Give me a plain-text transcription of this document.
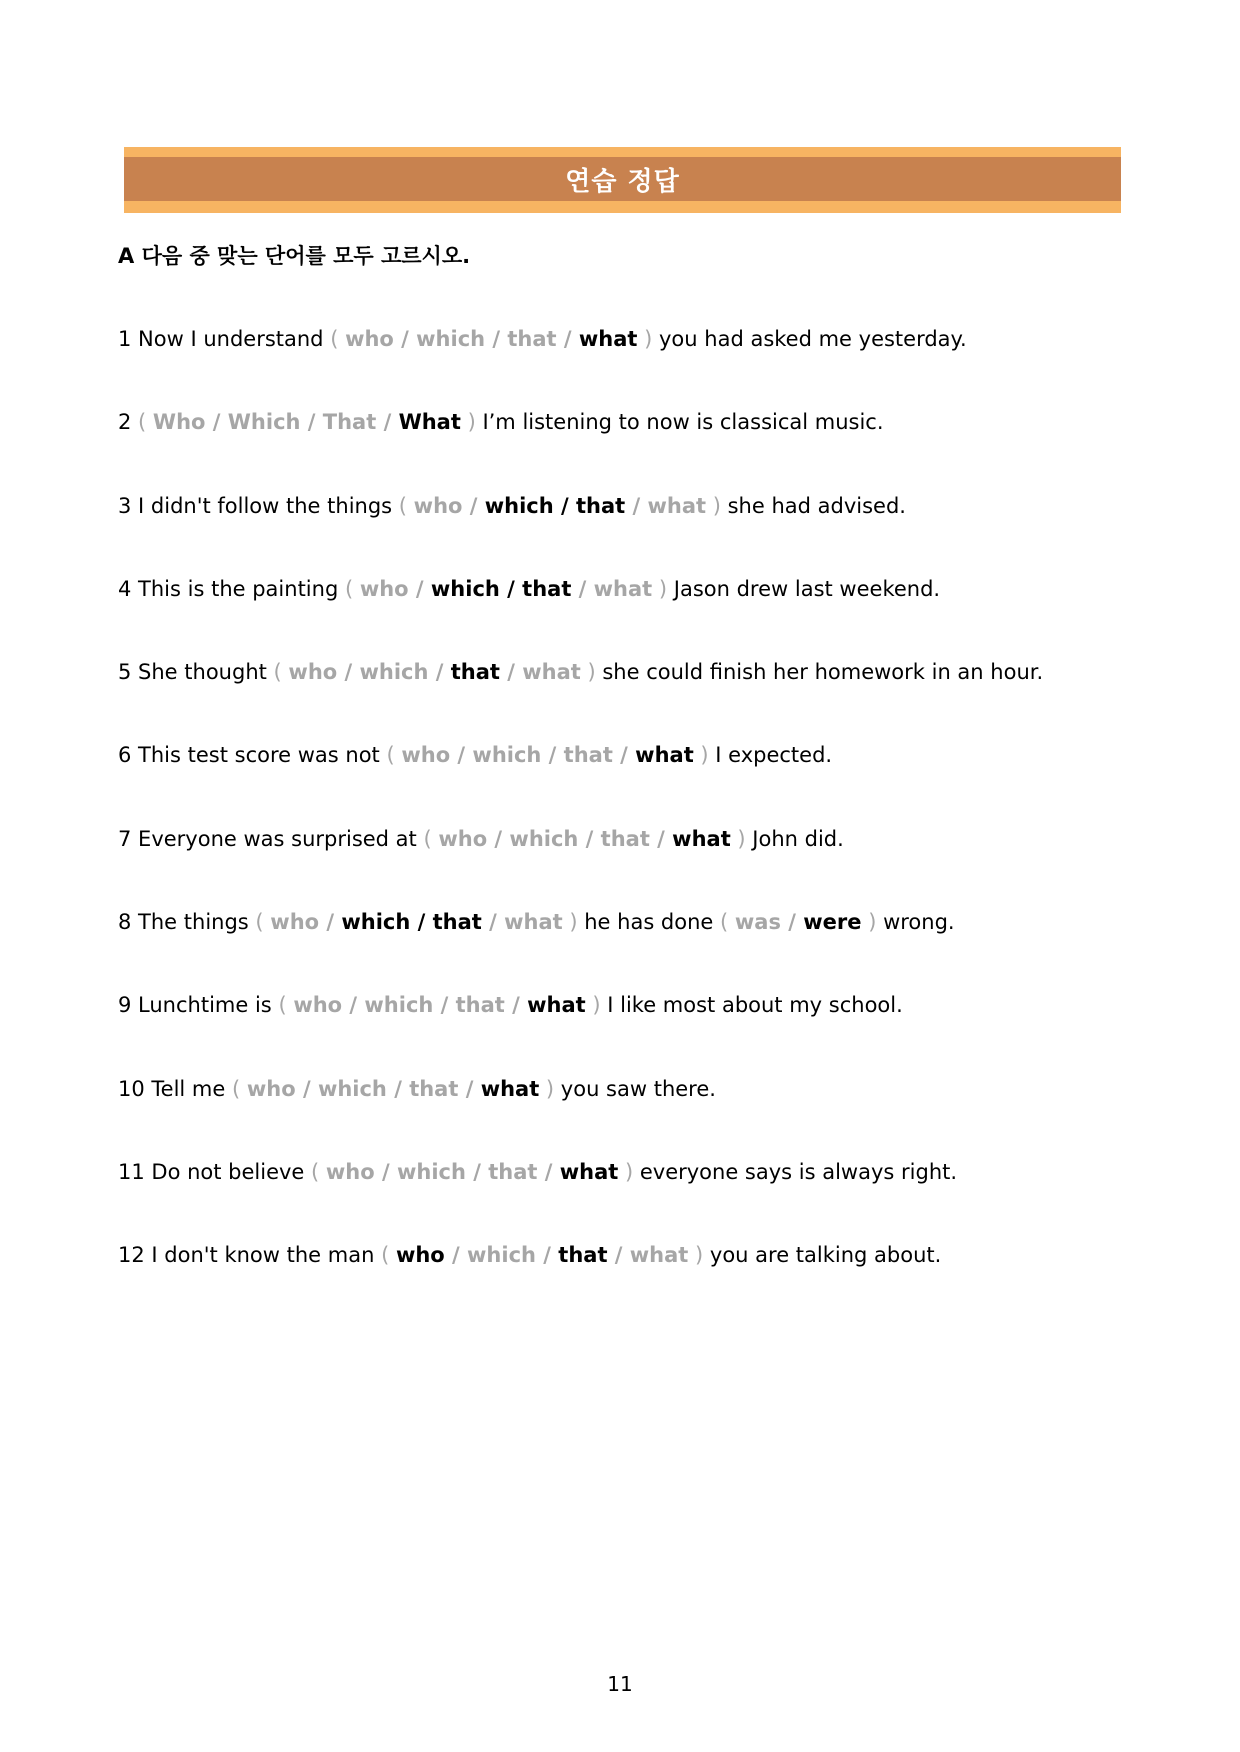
연습 정답
A 다음 중 맞는 단어를 모두 고르시오.
1 Now I understand ( who / which / that / what ) you had asked me yesterday.
2 ( Who / Which / That / What ) I’m listening to now is classical music.
3 I didn't follow the things ( who / which / that / what ) she had advised.
4 This is the painting ( who / which / that / what ) Jason drew last weekend.
5 She thought ( who / which / that / what ) she could finish her homework in an hour.
6 This test score was not ( who / which / that / what ) I expected.
7 Everyone was surprised at ( who / which / that / what ) John did.
8 The things ( who / which / that / what ) he has done ( was / were ) wrong.
9 Lunchtime is ( who / which / that / what ) I like most about my school.
10 Tell me ( who / which / that / what ) you saw there.
11 Do not believe ( who / which / that / what ) everyone says is always right.
12 I don't know the man ( who / which / that / what ) you are talking about.
11
